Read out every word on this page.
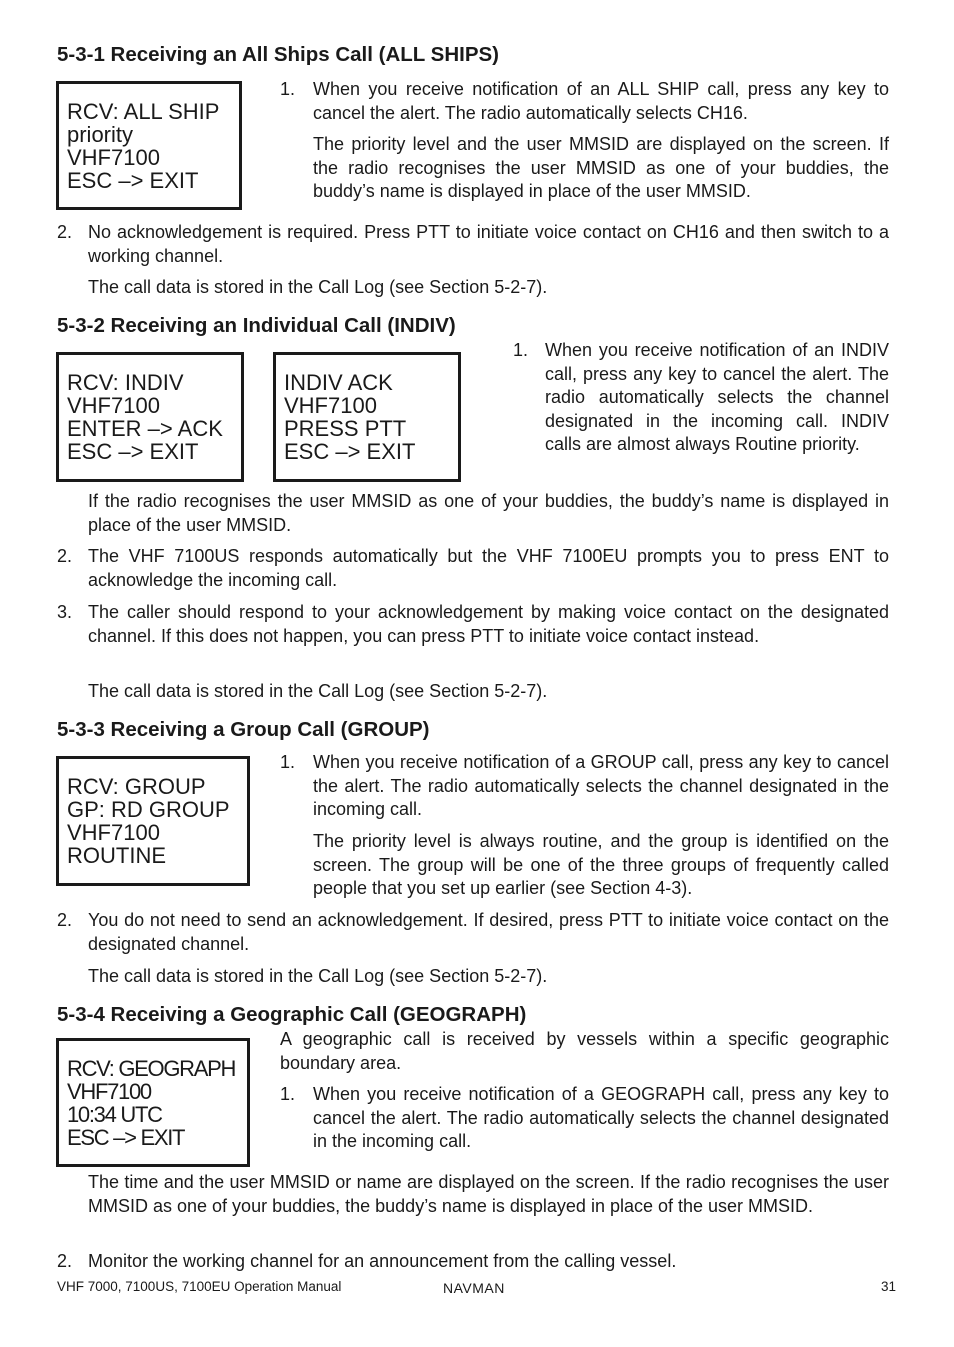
5-3-1 Receiving an All Ships Call (ALL SHIPS)
RCV: ALL SHIP
priority
VHF7100
ESC –> EXIT
1. When you receive notification of an ALL SHIP call, press any key to cancel the alert. The radio automatically selects CH16.
The priority level and the user MMSID are displayed on the screen. If the radio recognises the user MMSID as one of your buddies, the buddy’s name is displayed in place of the user MMSID.
2. No acknowledgement is required. Press PTT to initiate voice contact on CH16 and then switch to a working channel.
The call data is stored in the Call Log (see Section 5-2-7).
5-3-2 Receiving an Individual Call (INDIV)
RCV: INDIV
VHF7100
ENTER –> ACK
ESC –> EXIT
INDIV ACK
VHF7100
PRESS PTT
ESC –> EXIT
1. When you receive notification of an INDIV call, press any key to cancel the alert. The radio automatically selects the channel designated in the incoming call. INDIV calls are almost always Routine priority.
If the radio recognises the user MMSID as one of your buddies, the buddy’s name is displayed in place of the user MMSID.
2. The VHF 7100US responds automatically but the VHF 7100EU prompts you to press ENT to acknowledge the incoming call.
3. The caller should respond to your acknowledgement by making voice contact on the designated channel. If this does not happen, you can press PTT to initiate voice contact instead.
The call data is stored in the Call Log (see Section 5-2-7).
5-3-3 Receiving a Group Call (GROUP)
RCV: GROUP
GP: RD GROUP
VHF7100
ROUTINE
1. When you receive notification of a GROUP call, press any key to cancel the alert. The radio automatically selects the channel designated in the incoming call.
The priority level is always routine, and the group is identified on the screen. The group will be one of the three groups of frequently called people that you set up earlier (see Section 4-3).
2. You do not need to send an acknowledgement. If desired, press PTT to initiate voice contact on the designated channel.
The call data is stored in the Call Log (see Section 5-2-7).
5-3-4 Receiving a Geographic Call (GEOGRAPH)
RCV: GEOGRAPH
VHF7100
10:34 UTC
ESC –> EXIT
A geographic call is received by vessels within a specific geographic boundary area.
1. When you receive notification of a GEOGRAPH call, press any key to cancel the alert. The radio automatically selects the channel designated in the incoming call.
The time and the user MMSID or name are displayed on the screen. If the radio recognises the user MMSID as one of your buddies, the buddy’s name is displayed in place of the user MMSID.
2. Monitor the working channel for an announcement from the calling vessel.
VHF 7000, 7100US, 7100EU Operation Manual	NAVMAN	31
